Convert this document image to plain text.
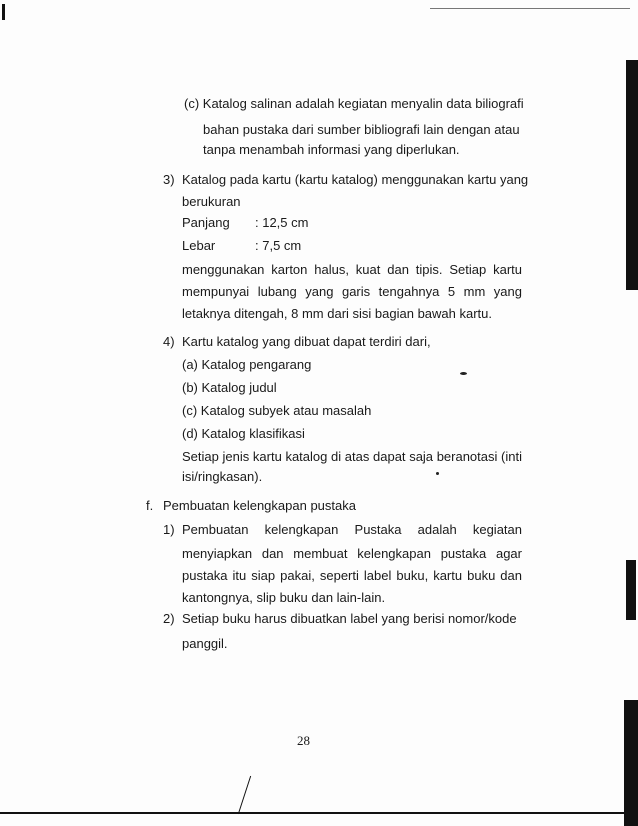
(c) Katalog salinan adalah kegiatan menyalin data biliografi
bahan pustaka dari sumber bibliografi lain dengan atau
tanpa menambah informasi yang diperlukan.
3) Katalog pada kartu (kartu katalog) menggunakan kartu yang
berukuran
Panjang : 12,5 cm
Lebar	: 7,5 cm
menggunakan karton halus, kuat dan tipis. Setiap kartu
mempunyai lubang yang garis tengahnya 5 mm yang
letaknya ditengah, 8 mm dari sisi bagian bawah kartu.
4) Kartu katalog yang dibuat dapat terdiri dari,
(a) Katalog pengarang
(b) Katalog judul
(c) Katalog subyek atau masalah
(d) Katalog klasifikasi
Setiap jenis kartu katalog di atas dapat saja beranotasi (inti
isi/ringkasan).
f. Pembuatan kelengkapan pustaka
1) Pembuatan kelengkapan Pustaka adalah kegiatan
menyiapkan dan membuat kelengkapan pustaka agar
pustaka itu siap pakai, seperti label buku, kartu buku dan
kantongnya, slip buku dan lain-lain.
2) Setiap buku harus dibuatkan label yang berisi nomor/kode
panggil.
28
